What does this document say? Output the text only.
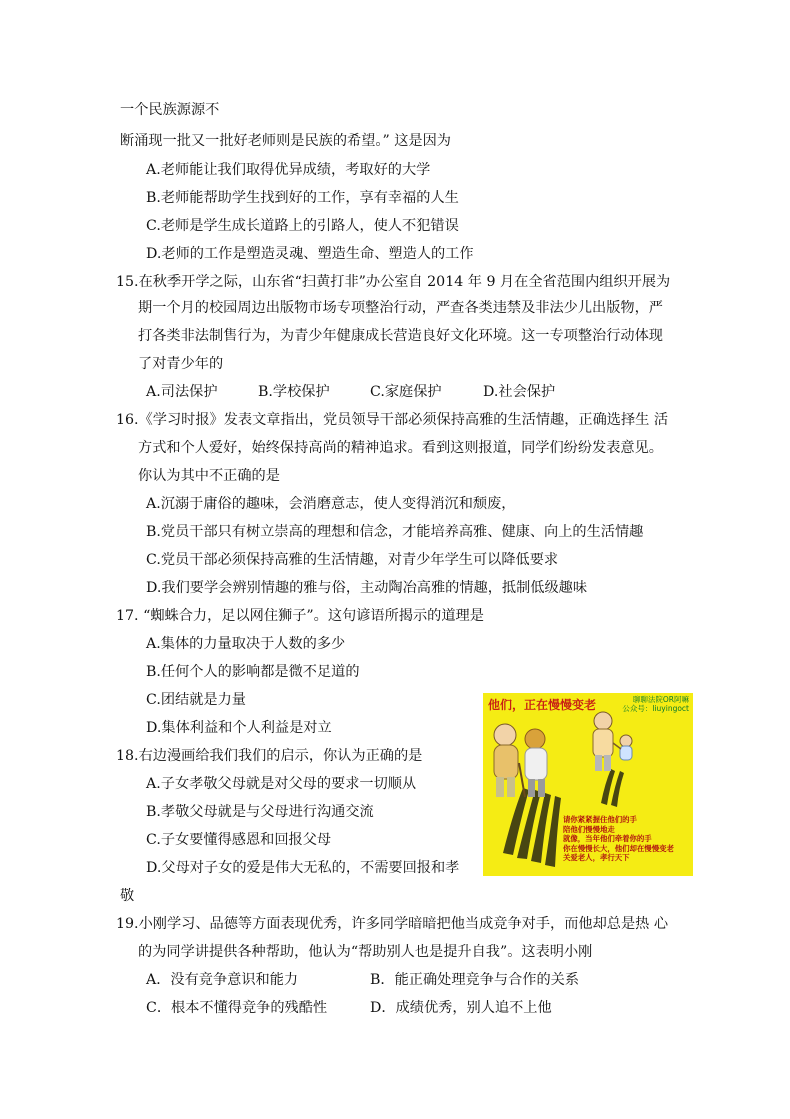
一个民族源源不
断涌现一批又一批好老师则是民族的希望。” 这是因为
A.老师能让我们取得优异成绩，考取好的大学
B.老师能帮助学生找到好的工作，享有幸福的人生
C.老师是学生成长道路上的引路人，使人不犯错误
D.老师的工作是塑造灵魂、塑造生命、塑造人的工作
15.在秋季开学之际，山东省“扫黄打非”办公室自 2014 年 9 月在全省范围内组织开展为
期一个月的校园周边出版物市场专项整治行动，严查各类违禁及非法少儿出版物，严
打各类非法制售行为，为青少年健康成长营造良好文化环境。这一专项整治行动体现
了对青少年的
A.司法保护	B.学校保护	C.家庭保护	D.社会保护
16.《学习时报》发表文章指出，党员领导干部必须保持高雅的生活情趣，正确选择生 活
方式和个人爱好，始终保持高尚的精神追求。看到这则报道，同学们纷纷发表意见。
你认为其中不正确的是
A.沉溺于庸俗的趣味，会消磨意志，使人变得消沉和颓废，
B.党员干部只有树立崇高的理想和信念，才能培养高雅、健康、向上的生活情趣
C.党员干部必须保持高雅的生活情趣，对青少年学生可以降低要求
D.我们要学会辨别情趣的雅与俗，主动陶冶高雅的情趣，抵制低级趣味
17. “蜘蛛合力，足以网住狮子”。这句谚语所揭示的道理是
A.集体的力量取决于人数的多少
B.任何个人的影响都是微不足道的
C.团结就是力量
D.集体利益和个人利益是对立
18.右边漫画给我们我们的启示，你认为正确的是
A.子女孝敬父母就是对父母的要求一切顺从
B.孝敬父母就是与父母进行沟通交流
C.子女要懂得感恩和回报父母
D.父母对子女的爱是伟大无私的，不需要回报和孝
敬
19.小刚学习、品德等方面表现优秀，许多同学暗暗把他当成竞争对手，而他却总是热 心
的为同学讲提供各种帮助，他认为“帮助别人也是提升自我”。这表明小刚
A．没有竞争意识和能力	B．能正确处理竞争与合作的关系
C．根本不懂得竞争的残酷性	D．成绩优秀，别人追不上他
他们，正在慢慢变老	聊聊法院OR阿嘛
公众号：liuyingoct
请你紧紧握住他们的手
陪他们慢慢地走
就像，当年他们牵着你的手
你在慢慢长大，他们却在慢慢变老
关爱老人，孝行天下
